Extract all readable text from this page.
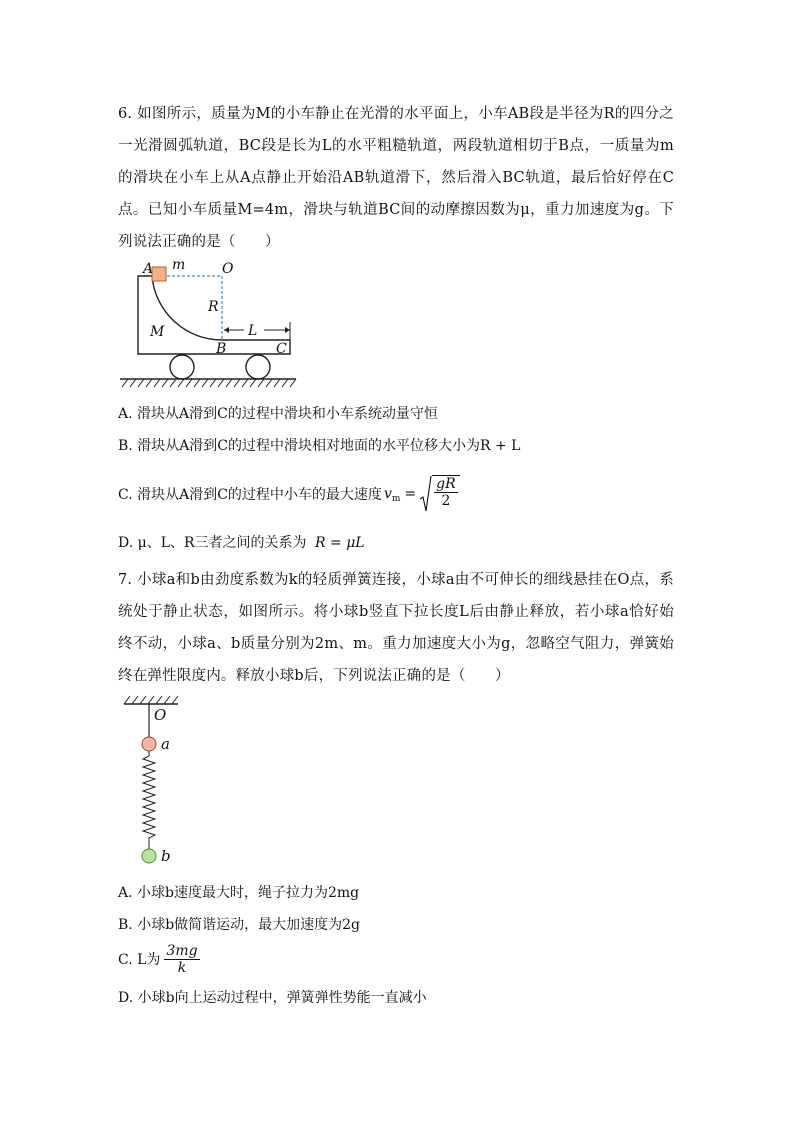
6. 如图所示，质量为M的小车静止在光滑的水平面上，小车AB段是半径为R的四分之一光滑圆弧轨道，BC段是长为L的水平粗糙轨道，两段轨道相切于B点，一质量为m的滑块在小车上从A点静止开始沿AB轨道滑下，然后滑入BC轨道，最后恰好停在C点。已知小车质量M=4m，滑块与轨道BC间的动摩擦因数为μ，重力加速度为g。下列说法正确的是（　　）
A m	O
R
M	L
B	C
A. 滑块从A滑到C的过程中滑块和小车系统动量守恒
B. 滑块从A滑到C的过程中滑块相对地面的水平位移大小为R + L
C. 滑块从A滑到C的过程中小车的最大速度 $v_m = \frac{gR}{2}$
D. μ、L、R三者之间的关系为 R = μL
7. 小球a和b由劲度系数为k的轻质弹簧连接，小球a由不可伸长的细线悬挂在O点，系统处于静止状态，如图所示。将小球b竖直下拉长度L后由静止释放，若小球a恰好始终不动，小球a、b质量分别为2m、m。重力加速度大小为g，忽略空气阻力，弹簧始终在弹性限度内。释放小球b后，下列说法正确的是（　　）
O
a
b
A. 小球b速度最大时，绳子拉力为2mg
B. 小球b做简谐运动，最大加速度为2g
C. L为 $\frac{3mg}{k}$
D. 小球b向上运动过程中，弹簧弹性势能一直减小
